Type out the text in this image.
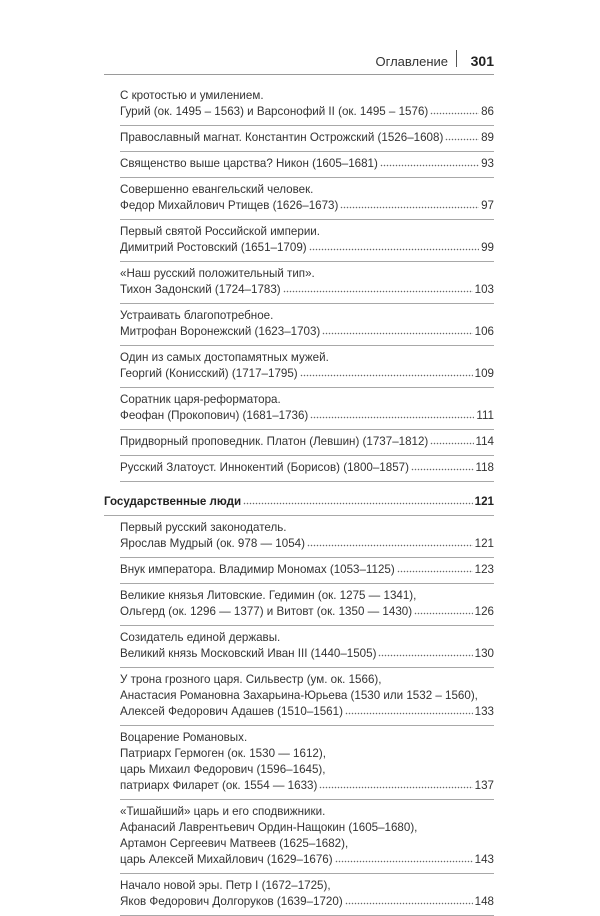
Оглавление 301
С кротостью и умилением.
Гурий (ок. 1495 – 1563) и Варсонофий II (ок. 1495 – 1576)	86
Православный магнат. Константин Острожский (1526–1608)	89
Священство выше царства? Никон (1605–1681)	93
Совершенно евангельский человек.
Федор Михайлович Ртищев (1626–1673)	97
Первый святой Российской империи.
Димитрий Ростовский (1651–1709)	99
«Наш русский положительный тип».
Тихон Задонский (1724–1783)	103
Устраивать благопотребное.
Митрофан Воронежский (1623–1703)	106
Один из самых достопамятных мужей.
Георгий (Конисский) (1717–1795)	109
Соратник царя-реформатора.
Феофан (Прокопович) (1681–1736)	111
Придворный проповедник. Платон (Левшин) (1737–1812)	114
Русский Златоуст. Иннокентий (Борисов) (1800–1857)	118
Государственные люди	121
Первый русский законодатель.
Ярослав Мудрый (ок. 978 — 1054)	121
Внук императора. Владимир Мономах (1053–1125)	123
Великие князья Литовские. Гедимин (ок. 1275 — 1341),
Ольгерд (ок. 1296 — 1377) и Витовт (ок. 1350 — 1430)	126
Созидатель единой державы.
Великий князь Московский Иван III (1440–1505)	130
У трона грозного царя. Сильвестр (ум. ок. 1566),
Анастасия Романовна Захарьина-Юрьева (1530 или 1532 – 1560),
Алексей Федорович Адашев (1510–1561)	133
Воцарение Романовых.
Патриарх Гермоген (ок. 1530 — 1612),
царь Михаил Федорович (1596–1645),
патриарх Филарет (ок. 1554 — 1633)	137
«Тишайший» царь и его сподвижники.
Афанасий Лаврентьевич Ордин-Нащокин (1605–1680),
Артамон Сергеевич Матвеев (1625–1682),
царь Алексей Михайлович (1629–1676)	143
Начало новой эры. Петр I (1672–1725),
Яков Федорович Долгоруков (1639–1720)	148
